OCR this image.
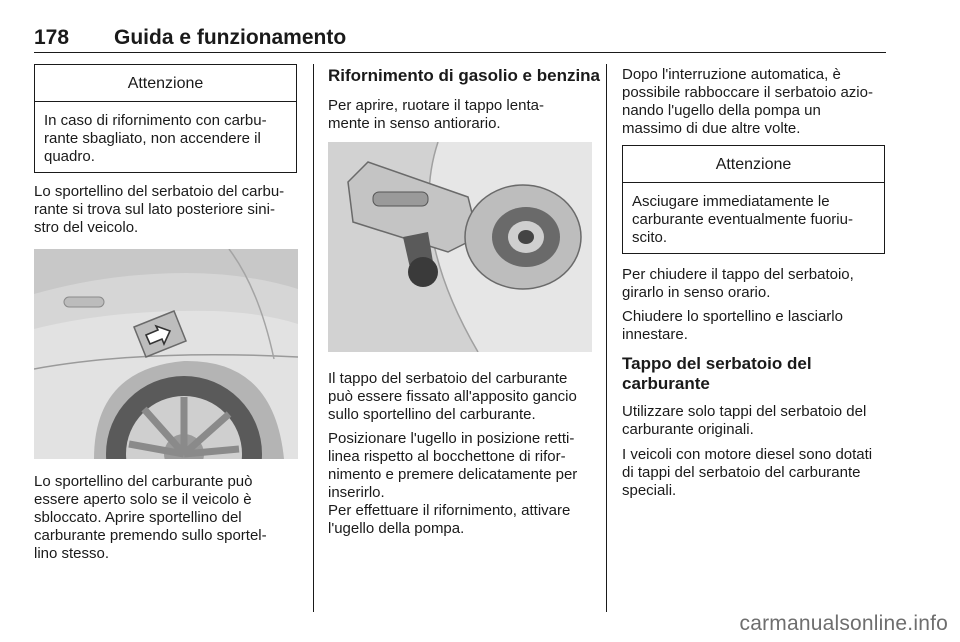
178 Guida e funzionamento
Attenzione
In caso di rifornimento con carbu-
rante sbagliato, non accendere il
quadro.
Lo sportellino del serbatoio del carbu-
rante si trova sul lato posteriore sini-
stro del veicolo.
Lo sportellino del carburante può
essere aperto solo se il veicolo è
sbloccato. Aprire sportellino del
carburante premendo sullo sportel-
lino stesso.
Rifornimento di gasolio e benzina
Per aprire, ruotare il tappo lenta-
mente in senso antiorario.
Il tappo del serbatoio del carburante
può essere fissato all'apposito gancio
sullo sportellino del carburante.
Posizionare l'ugello in posizione retti-
linea rispetto al bocchettone di rifor-
nimento e premere delicatamente per
inserirlo.
Per effettuare il rifornimento, attivare
l'ugello della pompa.
Dopo l'interruzione automatica, è
possibile rabboccare il serbatoio azio-
nando l'ugello della pompa un
massimo di due altre volte.
Attenzione
Asciugare immediatamente le
carburante eventualmente fuoriu-
scito.
Per chiudere il tappo del serbatoio,
girarlo in senso orario.
Chiudere lo sportellino e lasciarlo
innestare.
Tappo del serbatoio del
carburante
Utilizzare solo tappi del serbatoio del
carburante originali.
I veicoli con motore diesel sono dotati
di tappi del serbatoio del carburante
speciali.
carmanualsonline.info
